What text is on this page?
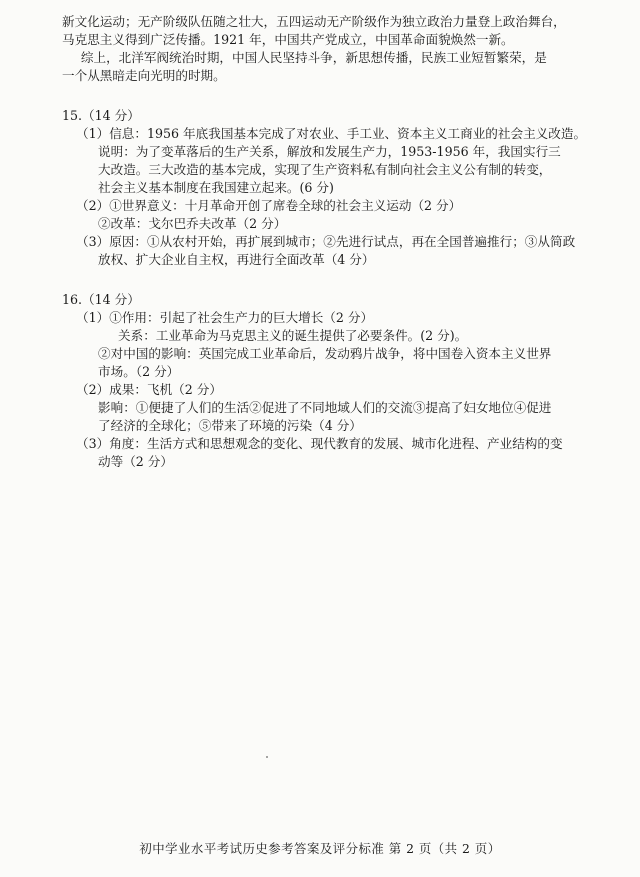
新文化运动；无产阶级队伍随之壮大，五四运动无产阶级作为独立政治力量登上政治舞台，
马克思主义得到广泛传播。1921 年，中国共产党成立，中国革命面貌焕然一新。
综上，北洋军阀统治时期，中国人民坚持斗争，新思想传播，民族工业短暂繁荣，是
一个从黑暗走向光明的时期。
15.（14 分）
（1）信息：1956 年底我国基本完成了对农业、手工业、资本主义工商业的社会主义改造。
说明：为了变革落后的生产关系，解放和发展生产力，1953-1956 年，我国实行三
大改造。三大改造的基本完成，实现了生产资料私有制向社会主义公有制的转变，
社会主义基本制度在我国建立起来。(6 分)
（2）①世界意义：十月革命开创了席卷全球的社会主义运动（2 分）
②改革：戈尔巴乔夫改革（2 分）
（3）原因：①从农村开始，再扩展到城市；②先进行试点，再在全国普遍推行；③从简政
放权、扩大企业自主权，再进行全面改革（4 分）
16.（14 分）
（1）①作用：引起了社会生产力的巨大增长（2 分）
关系：工业革命为马克思主义的诞生提供了必要条件。(2 分)。
②对中国的影响：英国完成工业革命后，发动鸦片战争，将中国卷入资本主义世界
市场。（2 分）
（2）成果：飞机（2 分）
影响：①便捷了人们的生活②促进了不同地域人们的交流③提高了妇女地位④促进
了经济的全球化；⑤带来了环境的污染（4 分）
（3）角度：生活方式和思想观念的变化、现代教育的发展、城市化进程、产业结构的变
动等（2 分）
初中学业水平考试历史参考答案及评分标准 第 2 页（共 2 页）
